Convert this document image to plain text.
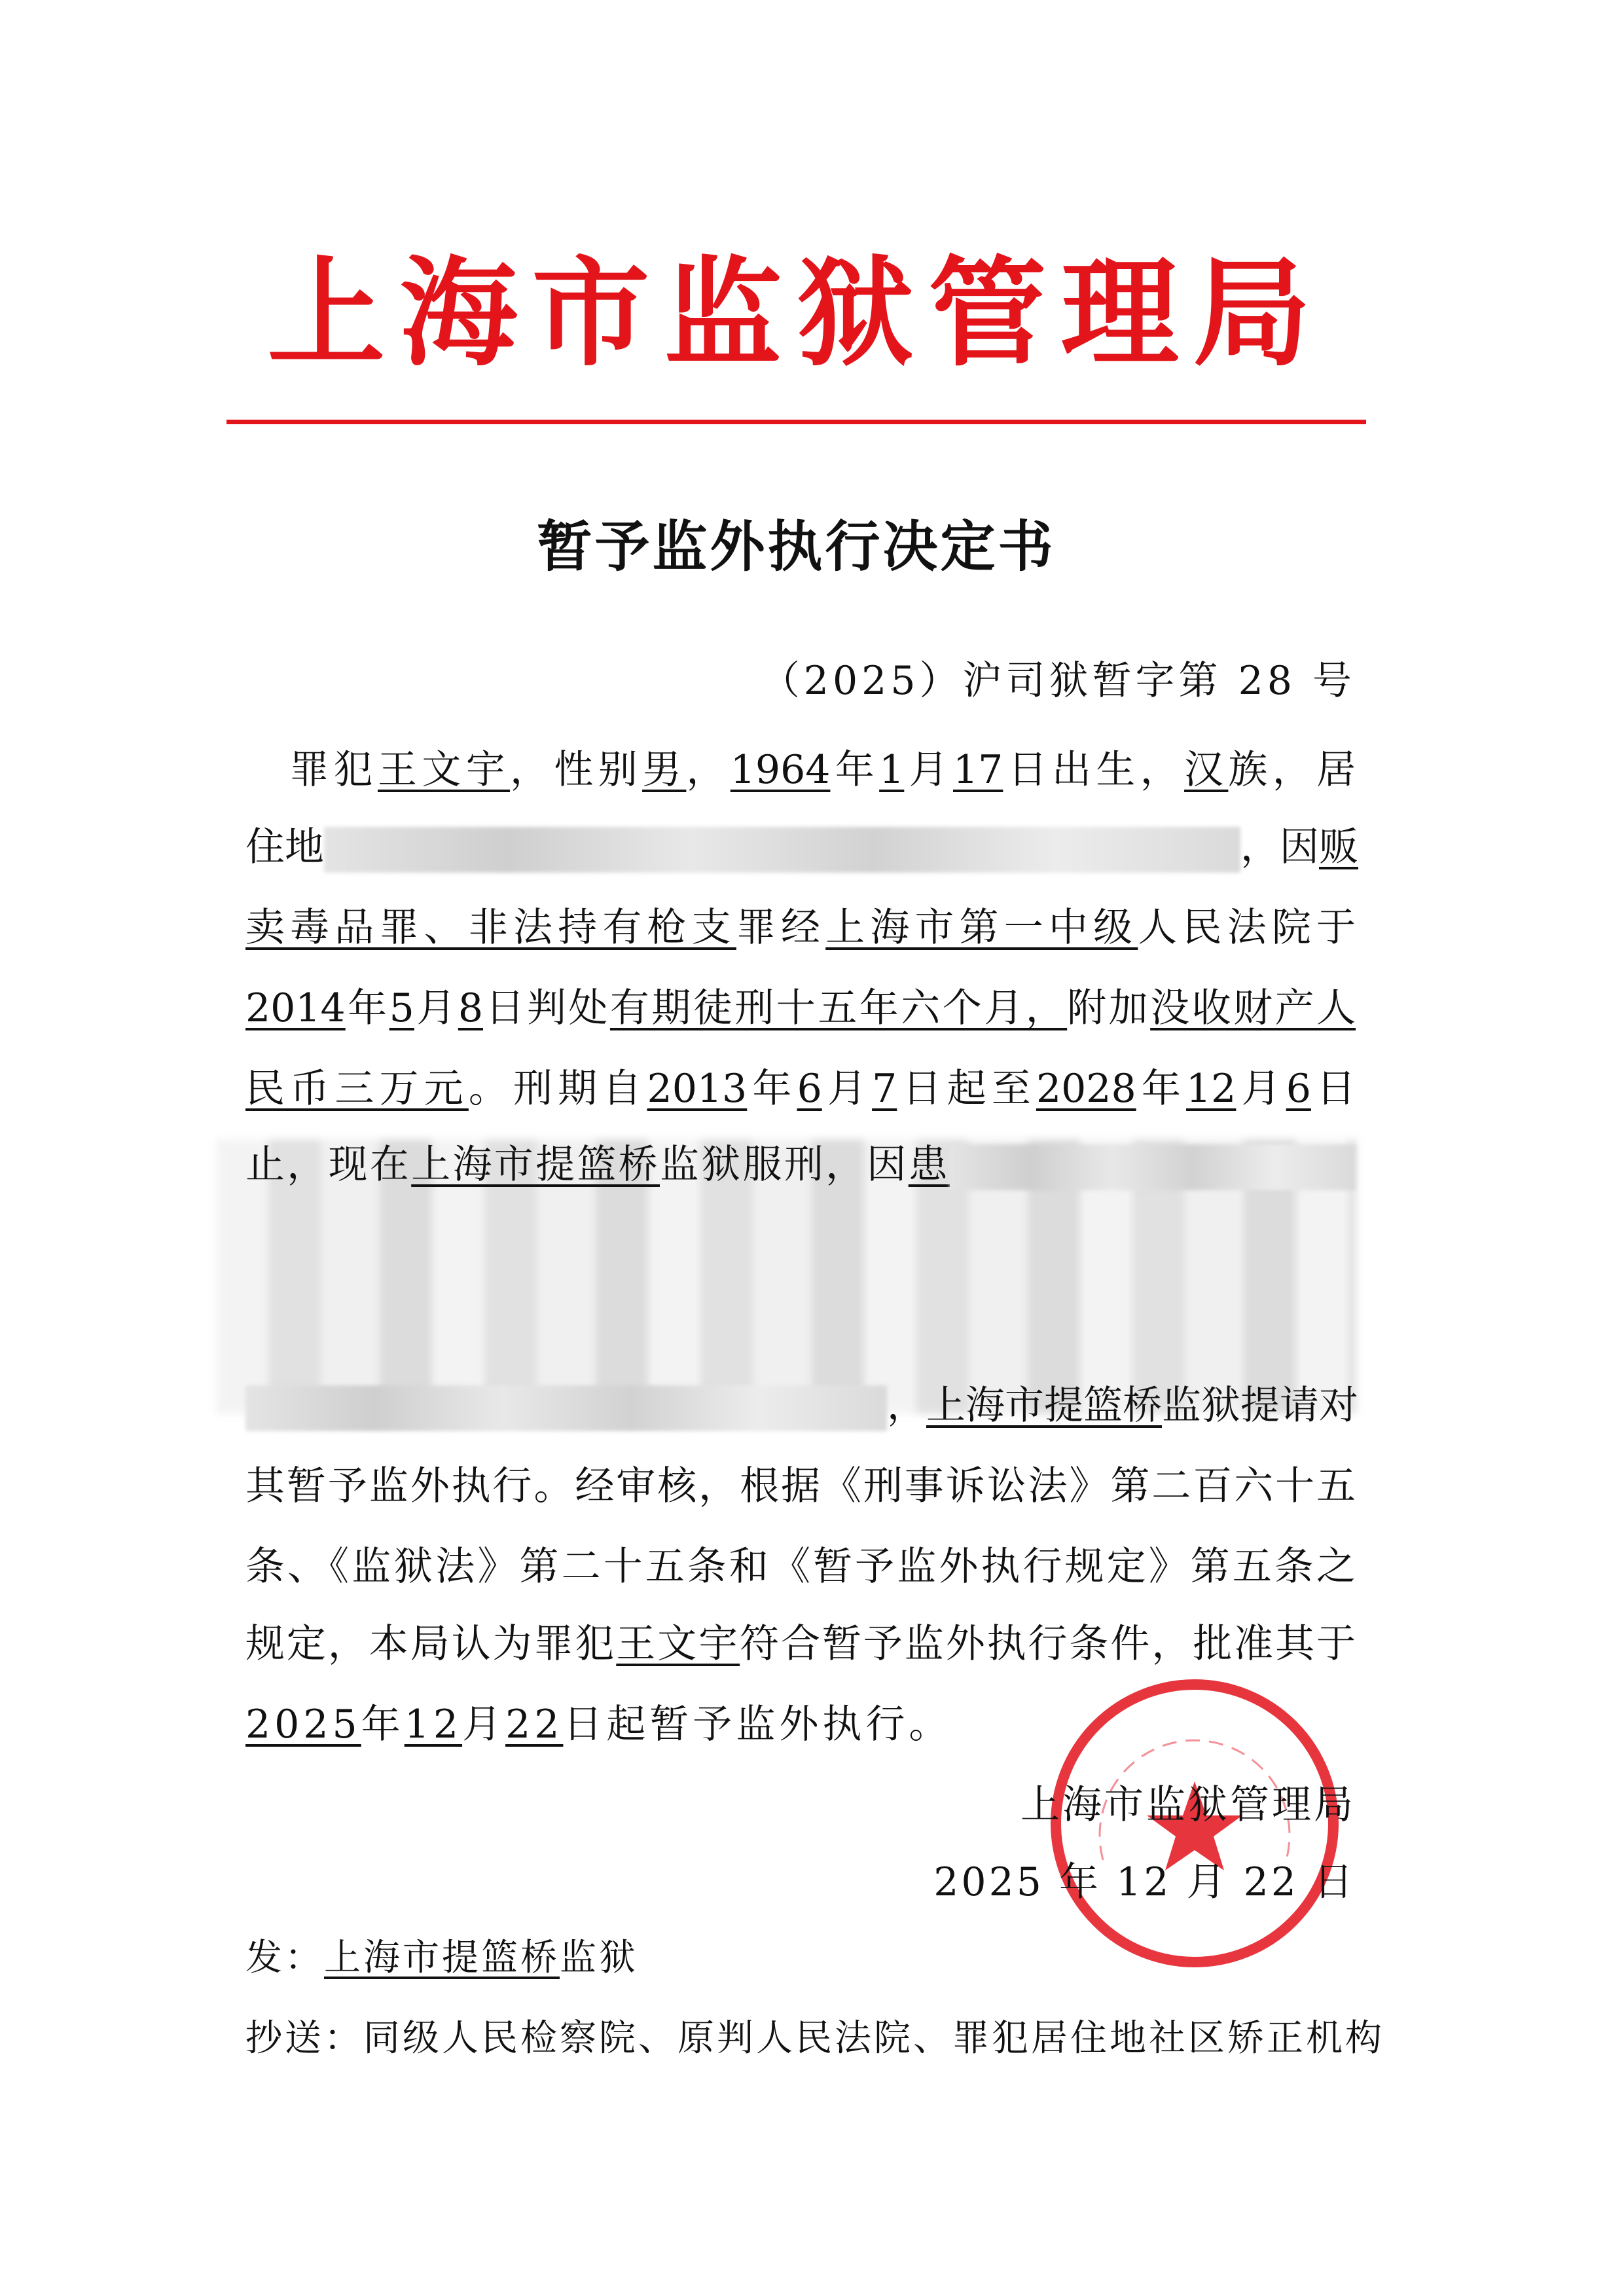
上海市监狱管理局
暂予监外执行决定书
（2025）沪司狱暂字第 28 号
　罪犯王文宇，性别男，1964年1月17日出生，汉族，居
住地	，因贩
卖毒品罪、非法持有枪支罪经上海市第一中级人民法院于
2014年5月8日判处有期徒刑十五年六个月，附加没收财产人
民币三万元。刑期自2013年6月7日起至2028年12月6日
止，现在上海市提篮桥监狱服刑，因患
，上海市提篮桥监狱提请对
其暂予监外执行。经审核，根据《刑事诉讼法》第二百六十五
条、《监狱法》第二十五条和《暂予监外执行规定》第五条之
规定，本局认为罪犯王文宇符合暂予监外执行条件，批准其于
2025年12月22日起暂予监外执行。
上海市监狱管理局
2025 年 12 月 22 日
发：上海市提篮桥监狱
抄送：同级人民检察院、原判人民法院、罪犯居住地社区矫正机构
